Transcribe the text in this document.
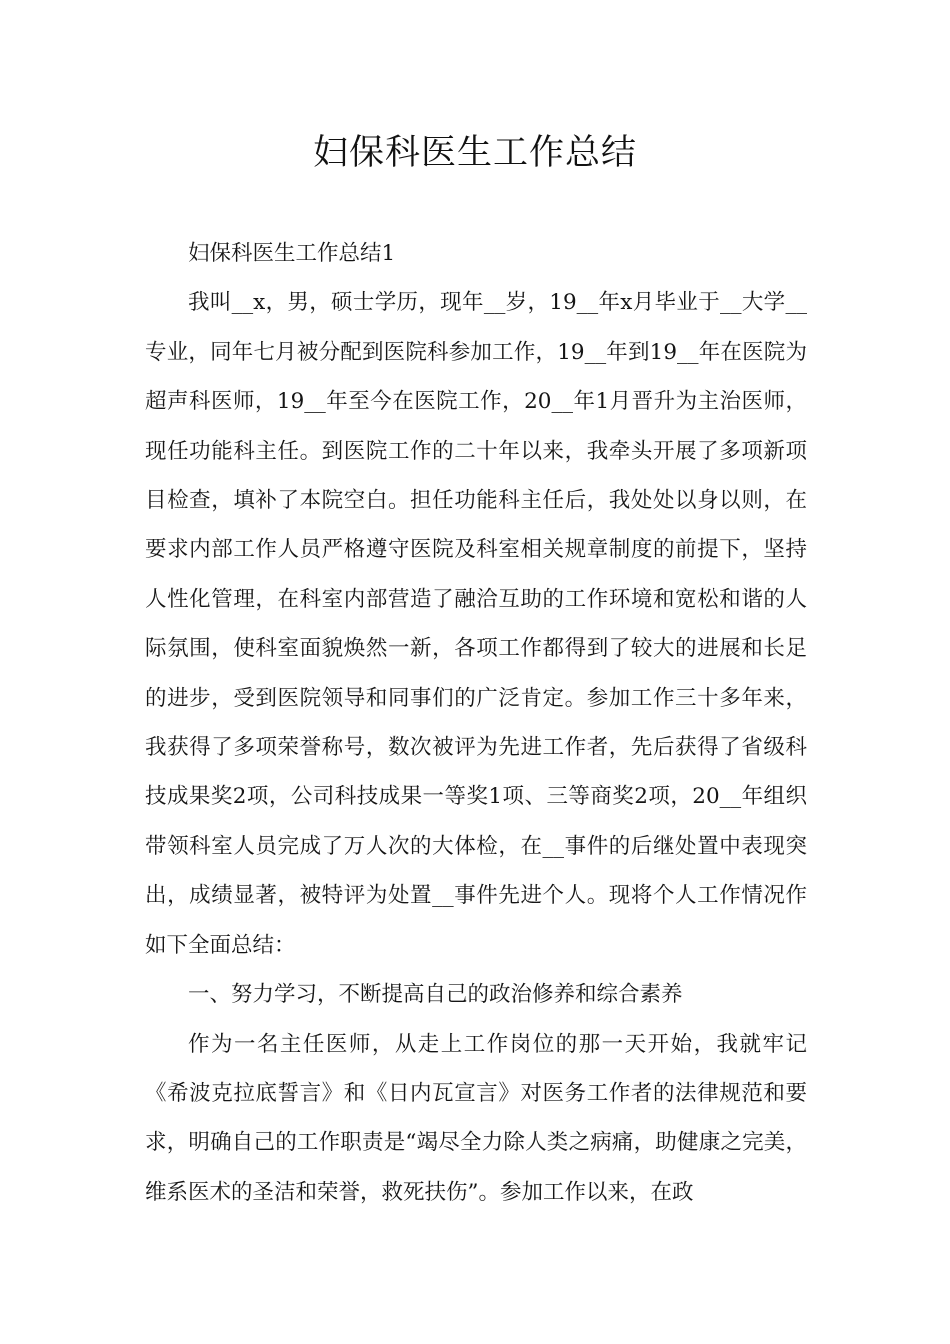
妇保科医生工作总结

妇保科医生工作总结1

我叫__x，男，硕士学历，现年__岁，19__年x月毕业于__大学__专业，同年七月被分配到医院科参加工作，19__年到19__年在医院为超声科医师，19__年至今在医院工作，20__年1月晋升为主治医师，现任功能科主任。到医院工作的二十年以来，我牵头开展了多项新项目检查，填补了本院空白。担任功能科主任后，我处处以身以则，在要求内部工作人员严格遵守医院及科室相关规章制度的前提下，坚持人性化管理，在科室内部营造了融洽互助的工作环境和宽松和谐的人际氛围，使科室面貌焕然一新，各项工作都得到了较大的进展和长足的进步，受到医院领导和同事们的广泛肯定。参加工作三十多年来，我获得了多项荣誉称号，数次被评为先进工作者，先后获得了省级科技成果奖2项，公司科技成果一等奖1项、三等商奖2项，20__年组织带领科室人员完成了万人次的大体检，在__事件的后继处置中表现突出，成绩显著，被特评为处置__事件先进个人。现将个人工作情况作如下全面总结：

一、努力学习，不断提高自己的政治修养和综合素养

作为一名主任医师，从走上工作岗位的那一天开始，我就牢记《希波克拉底誓言》和《日内瓦宣言》对医务工作者的法律规范和要求，明确自己的工作职责是“竭尽全力除人类之病痛，助健康之完美，维系医术的圣洁和荣誉，救死扶伤”。参加工作以来，在政
